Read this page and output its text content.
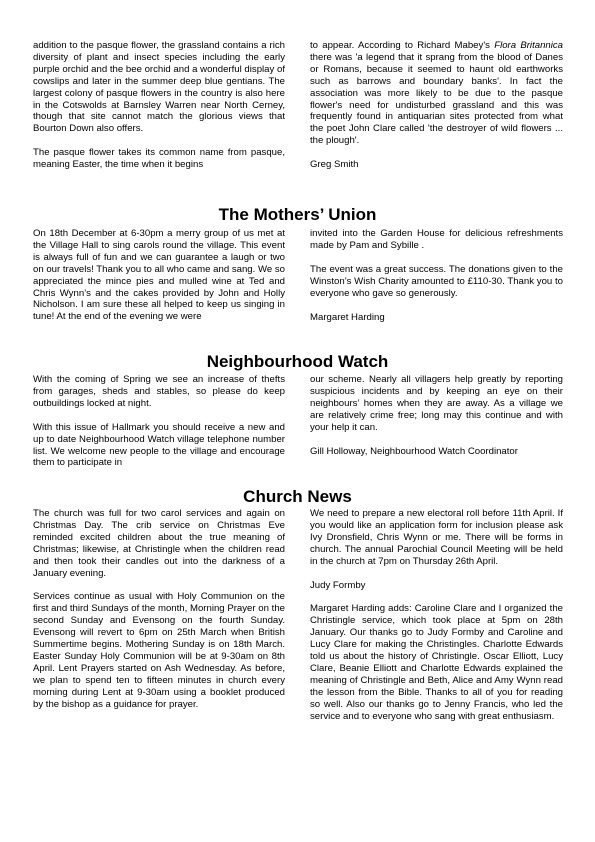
addition to the pasque flower, the grassland contains a rich diversity of plant and insect species including the early purple orchid and the bee orchid and a wonderful display of cowslips and later in the summer deep blue gentians. The largest colony of pasque flowers in the country is also here in the Cotswolds at Barnsley Warren near North Cerney, though that site cannot match the glorious views that Bourton Down also offers.

The pasque flower takes its common name from pasque, meaning Easter, the time when it begins

to appear. According to Richard Mabey's Flora Britannica there was 'a legend that it sprang from the blood of Danes or Romans, because it seemed to haunt old earthworks such as barrows and boundary banks'. In fact the association was more likely to be due to the pasque flower's need for undisturbed grassland and this was frequently found in antiquarian sites protected from what the poet John Clare called 'the destroyer of wild flowers ... the plough'.

Greg Smith

The Mothers’ Union

On 18th December at 6-30pm a merry group of us met at the Village Hall to sing carols round the village. This event is always full of fun and we can guarantee a laugh or two on our travels! Thank you to all who came and sang. We so appreciated the mince pies and mulled wine at Ted and Chris Wynn’s and the cakes provided by John and Holly Nicholson. I am sure these all helped to keep us singing in tune! At the end of the evening we were

invited into the Garden House for delicious refreshments made by Pam and Sybille .

The event was a great success. The donations given to the Winston’s Wish Charity amounted to £110-30. Thank you to everyone who gave so generously.

Margaret Harding

Neighbourhood Watch

With the coming of Spring we see an increase of thefts from garages, sheds and stables, so please do keep outbuildings locked at night.

With this issue of Hallmark you should receive a new and up to date Neighbourhood Watch village telephone number list. We welcome new people to the village and encourage them to participate in

our scheme. Nearly all villagers help greatly by reporting suspicious incidents and by keeping an eye on their neighbours’ homes when they are away. As a village we are relatively crime free; long may this continue and with your help it can.

Gill Holloway, Neighbourhood Watch Coordinator

Church News

The church was full for two carol services and again on Christmas Day. The crib service on Christmas Eve reminded excited children about the true meaning of Christmas; likewise, at Christingle when the children read and then took their candles out into the darkness of a January evening.

Services continue as usual with Holy Communion on the first and third Sundays of the month, Morning Prayer on the second Sunday and Evensong on the fourth Sunday. Evensong will revert to 6pm on 25th March when British Summertime begins. Mothering Sunday is on 18th March. Easter Sunday Holy Communion will be at 9-30am on 8th April. Lent Prayers started on Ash Wednesday. As before, we plan to spend ten to fifteen minutes in church every morning during Lent at 9-30am using a booklet produced by the bishop as a guidance for prayer.

We need to prepare a new electoral roll before 11th April. If you would like an application form for inclusion please ask Ivy Dronsfield, Chris Wynn or me. There will be forms in church. The annual Parochial Council Meeting will be held in the church at 7pm on Thursday 26th April.

Judy Formby

Margaret Harding adds: Caroline Clare and I organized the Christingle service, which took place at 5pm on 28th January. Our thanks go to Judy Formby and Caroline and Lucy Clare for making the Christingles. Charlotte Edwards told us about the history of Christingle. Oscar Elliott, Lucy Clare, Beanie Elliott and Charlotte Edwards explained the meaning of Christingle and Beth, Alice and Amy Wynn read the lesson from the Bible. Thanks to all of you for reading so well. Also our thanks go to Jenny Francis, who led the service and to everyone who sang with great enthusiasm.
